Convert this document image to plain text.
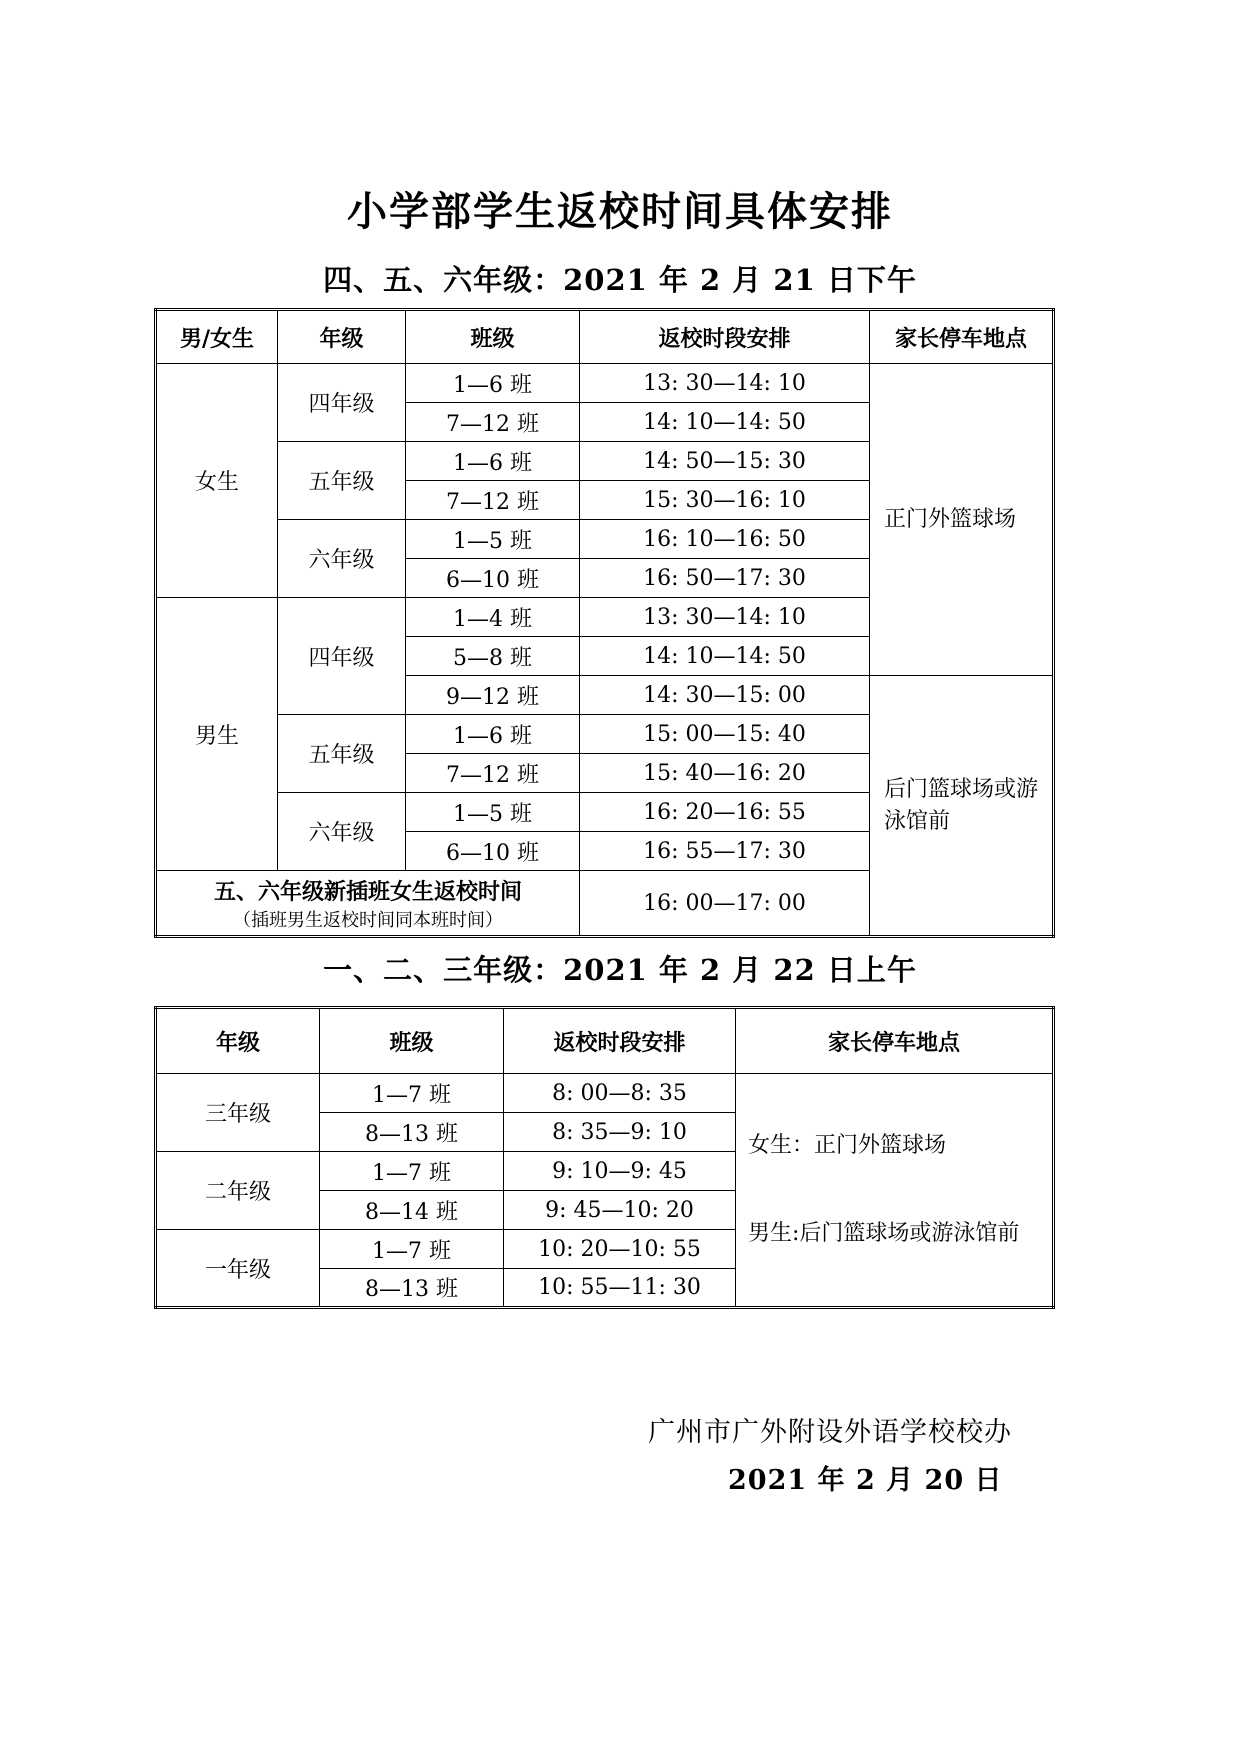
小学部学生返校时间具体安排
四、五、六年级：2021 年 2 月 21 日下午
男/女生	年级	班级	返校时段安排	家长停车地点
女生	四年级	1—6 班	13: 30—14: 10	正门外篮球场
		7—12 班	14: 10—14: 50	
	五年级	1—6 班	14: 50—15: 30	
		7—12 班	15: 30—16: 10	
	六年级	1—5 班	16: 10—16: 50	
		6—10 班	16: 50—17: 30	
男生	四年级	1—4 班	13: 30—14: 10	
		5—8 班	14: 10—14: 50	
		9—12 班	14: 30—15: 00	后门篮球场或游泳馆前
	五年级	1—6 班	15: 00—15: 40	
		7—12 班	15: 40—16: 20	
	六年级	1—5 班	16: 20—16: 55	
		6—10 班	16: 55—17: 30	

五、六年级新插班女生返校时间
（插班男生返校时间同本班时间）			16: 00—17: 00	
一、二、三年级：2021 年 2 月 22 日上午
年级	班级	返校时段安排	家长停车地点
三年级	1—7 班	8: 00—8: 35	女生：正门外篮球场
男生:后门篮球场或游泳馆前

	8—13 班	8: 35—9: 10	
二年级	1—7 班	9: 10—9: 45	
	8—14 班	9: 45—10: 20	
一年级	1—7 班	10: 20—10: 55	
	8—13 班	10: 55—11: 30	
广州市广外附设外语学校校办
2021 年 2 月 20 日
